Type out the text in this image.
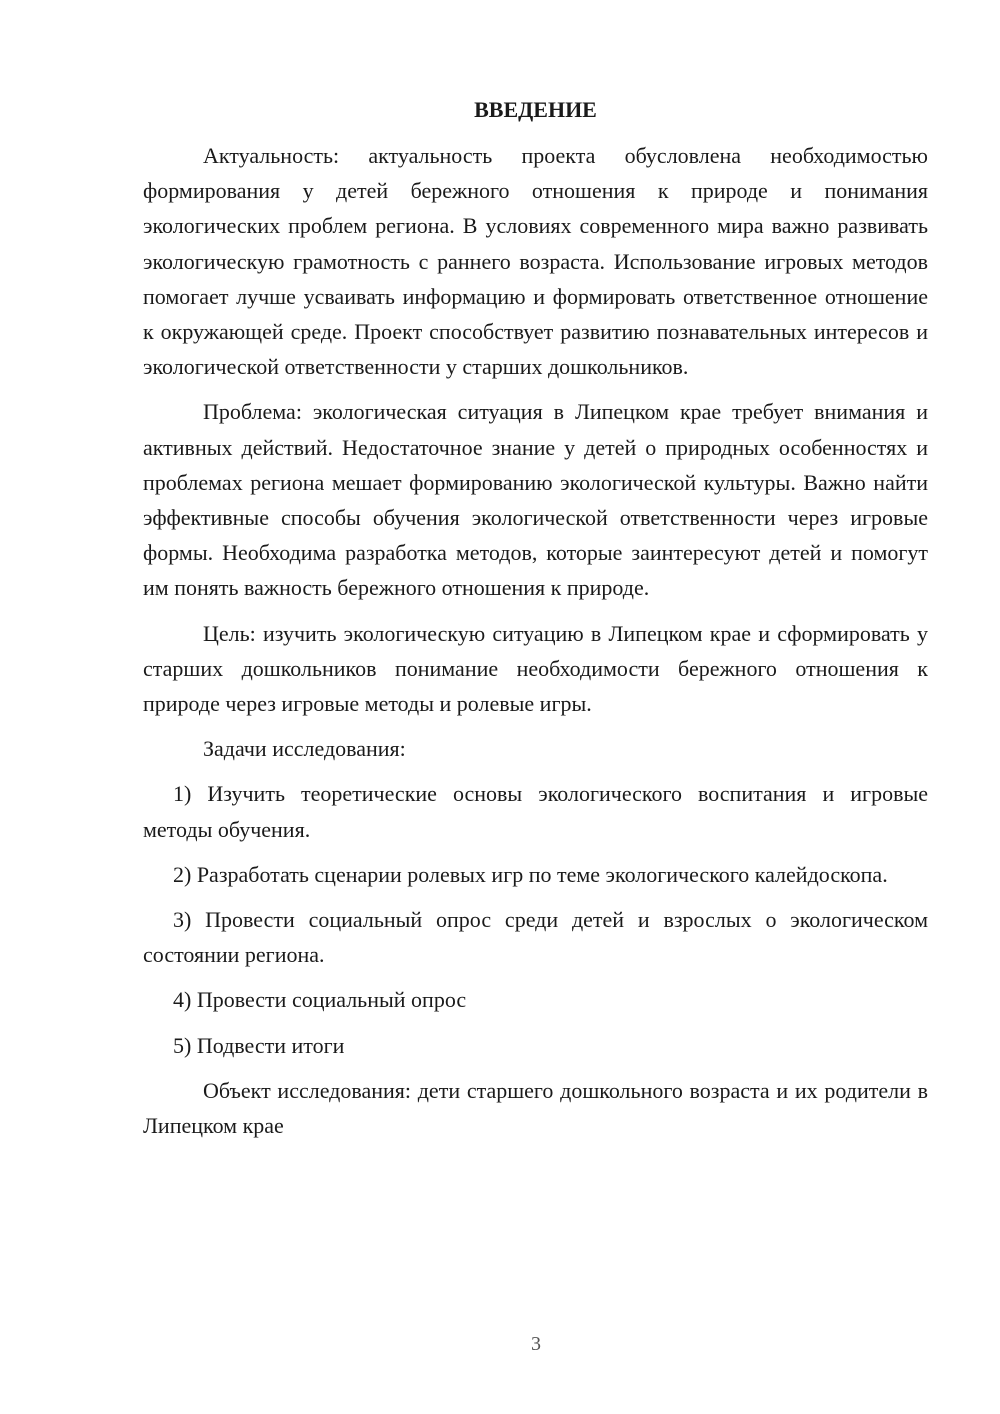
ВВЕДЕНИЕ

Актуальность: актуальность проекта обусловлена необходимостью формирования у детей бережного отношения к природе и понимания экологических проблем региона. В условиях современного мира важно развивать экологическую грамотность с раннего возраста. Использование игровых методов помогает лучше усваивать информацию и формировать ответственное отношение к окружающей среде. Проект способствует развитию познавательных интересов и экологической ответственности у старших дошкольников.

Проблема: экологическая ситуация в Липецком крае требует внимания и активных действий. Недостаточное знание у детей о природных особенностях и проблемах региона мешает формированию экологической культуры. Важно найти эффективные способы обучения экологической ответственности через игровые формы. Необходима разработка методов, которые заинтересуют детей и помогут им понять важность бережного отношения к природе.

Цель: изучить экологическую ситуацию в Липецком крае и сформировать у старших дошкольников понимание необходимости бережного отношения к природе через игровые методы и ролевые игры.

Задачи исследования:

1) Изучить теоретические основы экологического воспитания и игровые методы обучения.

2) Разработать сценарии ролевых игр по теме экологического калейдоскопа.

3) Провести социальный опрос среди детей и взрослых о экологическом состоянии региона.

4) Провести социальный опрос

5) Подвести итоги

Объект исследования: дети старшего дошкольного возраста и их родители в Липецком крае

3
